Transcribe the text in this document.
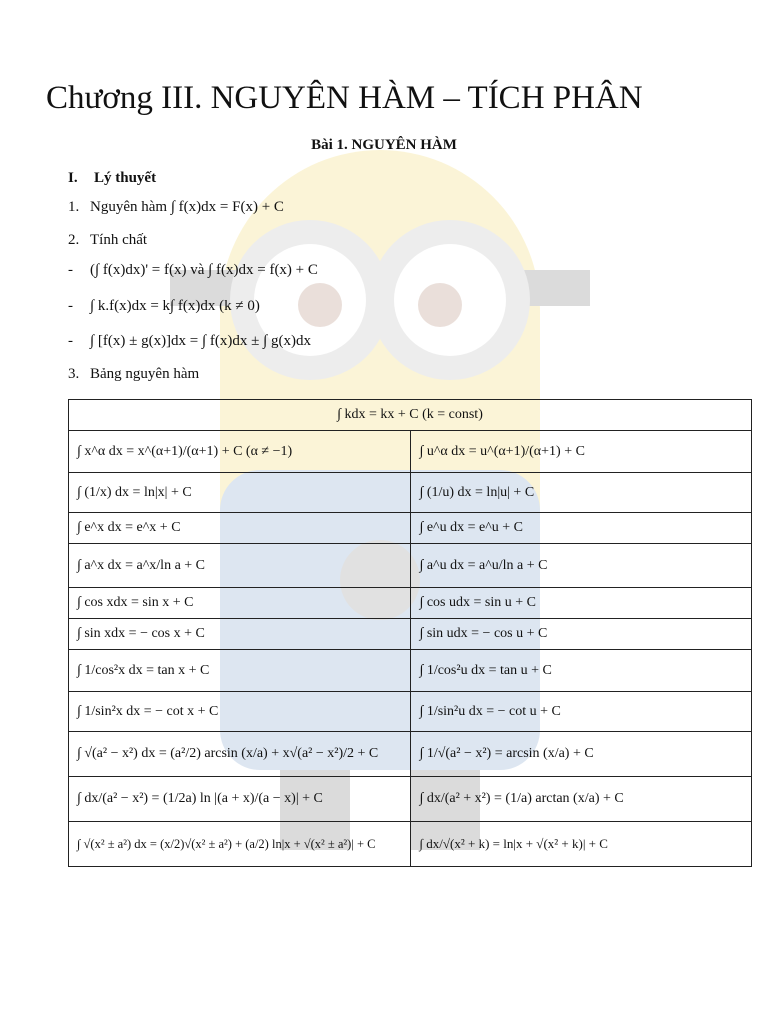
Chương III. NGUYÊN HÀM – TÍCH PHÂN
Bài 1. NGUYÊN HÀM
I. Lý thuyết
1. Nguyên hàm ∫ f(x)dx = F(x) + C
2. Tính chất
- (∫ f(x)dx)' = f(x) và ∫ f(x)dx = f(x) + C
- ∫ k.f(x)dx = k∫ f(x)dx (k ≠ 0)
- ∫ [f(x) ± g(x)]dx = ∫ f(x)dx ± ∫ g(x)dx
3. Bảng nguyên hàm
∫ kdx = kx + C (k = const)	
∫ x^α dx = x^(α+1)/(α+1) + C (α ≠ −1)	∫ u^α dx = u^(α+1)/(α+1) + C
∫ (1/x) dx = ln|x| + C	∫ (1/u) dx = ln|u| + C
∫ e^x dx = e^x + C	∫ e^u dx = e^u + C
∫ a^x dx = a^x/ln a + C	∫ a^u dx = a^u/ln a + C
∫ cos xdx = sin x + C	∫ cos udx = sin u + C
∫ sin xdx = − cos x + C	∫ sin udx = − cos u + C
∫ 1/cos²x dx = tan x + C	∫ 1/cos²u dx = tan u + C
∫ 1/sin²x dx = − cot x + C	∫ 1/sin²u dx = − cot u + C
∫ √(a² − x²) dx = (a²/2) arcsin (x/a) + x√(a² − x²)/2 + C	∫ 1/√(a² − x²) = arcsin (x/a) + C
∫ dx/(a² − x²) = (1/2a) ln |(a + x)/(a − x)| + C	∫ dx/(a² + x²) = (1/a) arctan (x/a) + C
∫ √(x² ± a²) dx = (x/2)√(x² ± a²) + (a/2) ln|x + √(x² ± a²)| + C	∫ dx/√(x² + k) = ln|x + √(x² + k)| + C
